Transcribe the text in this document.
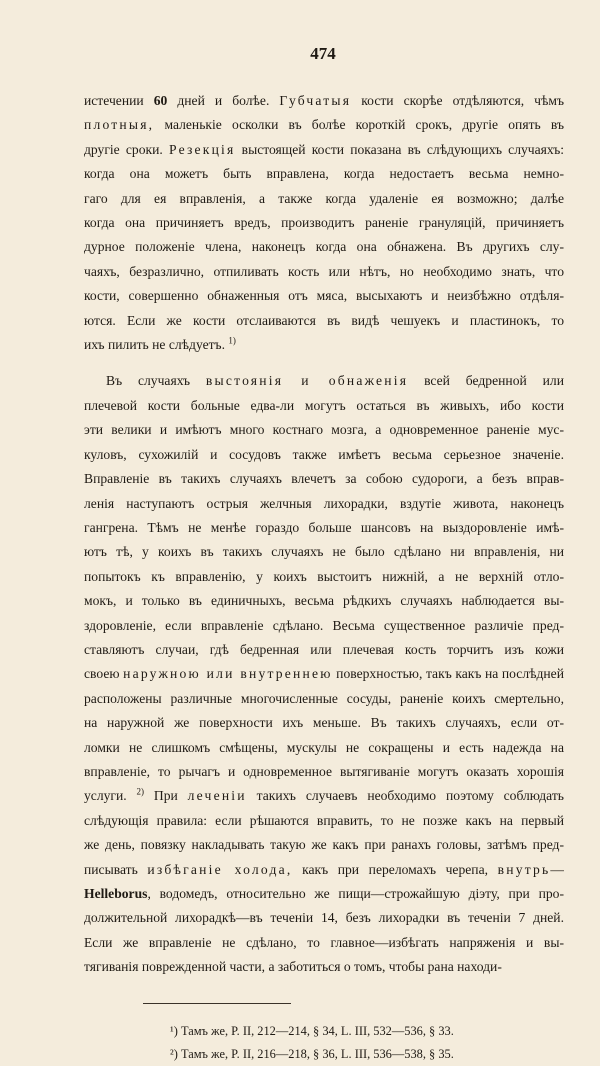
474

истечении 60 дней и болѣе. Губчатыя кости скорѣе отдѣляются, чѣмъ
плотныя, маленькіе осколки въ болѣе короткій срокъ, другіе опять въ
другіе сроки. Резекція выстоящей кости показана въ слѣдующихъ случаяхъ:
когда она можетъ быть вправлена, когда недостаетъ весьма немно-
гаго для ея вправленія, а также когда удаленіе ея возможно; далѣе
когда она причиняетъ вредъ, производитъ раненіе грануляцій, причиняетъ
дурное положеніе члена, наконецъ когда она обнажена. Въ другихъ слу-
чаяхъ, безразлично, отпиливать кость или нѣтъ, но необходимо знать, что
кости, совершенно обнаженныя отъ мяса, высыхаютъ и неизбѣжно отдѣля-
ются. Если же кости отслаиваются въ видѣ чешуекъ и пластинокъ, то
ихъ пилить не слѣдуетъ. $^{1)}$

Въ случаяхъ выстоянія и обнаженія всей бедренной или
плечевой кости больные едва-ли могутъ остаться въ живыхъ, ибо кости
эти велики и имѣютъ много костнаго мозга, а одновременное раненіе мус-
куловъ, сухожилій и сосудовъ также имѣетъ весьма серьезное значеніе.
Вправленіе въ такихъ случаяхъ влечетъ за собою судороги, а безъ вправ-
ленія наступаютъ острыя желчныя лихорадки, вздутіе живота, наконецъ
гангрена. Тѣмъ не менѣе гораздо больше шансовъ на выздоровленіе имѣ-
ютъ тѣ, у коихъ въ такихъ случаяхъ не было сдѣлано ни вправленія, ни
попытокъ къ вправленію, у коихъ выстоитъ нижній, а не верхній отло-
мокъ, и только въ единичныхъ, весьма рѣдкихъ случаяхъ наблюдается вы-
здоровленіе, если вправленіе сдѣлано. Весьма существенное различіе пред-
ставляютъ случаи, гдѣ бедренная или плечевая кость торчитъ изъ кожи
своею наружною или внутреннею поверхностью, такъ какъ на послѣдней
расположены различные многочисленные сосуды, раненіе коихъ смертельно,
на наружной же поверхности ихъ меньше. Въ такихъ случаяхъ, если от-
ломки не слишкомъ смѣщены, мускулы не сокращены и есть надежда на
вправленіе, то рычагъ и одновременное вытягиваніе могутъ оказать хорошія
услуги. $^{2)}$ При леченіи такихъ случаевъ необходимо поэтому соблюдать
слѣдующія правила: если рѣшаются вправить, то не позже какъ на первый
же день, повязку накладывать такую же какъ при ранахъ головы, затѣмъ пред-
писывать избѣганіе холода, какъ при переломахъ черепа, внутрь—
Helleborus, водомедъ, относительно же пищи—строжайшую діэту, при про-
должительной лихорадкѣ—въ теченіи 14, безъ лихорадки въ теченіи 7 дней.
Если же вправленіе не сдѣлано, то главное—избѣгать напряженія и вы-
тягиванія поврежденной части, а заботиться о томъ, чтобы рана находи-

¹) Тамъ же, P. II, 212—214, § 34, L. III, 532—536, § 33.
²) Тамъ же, P. II, 216—218, § 36, L. III, 536—538, § 35.
